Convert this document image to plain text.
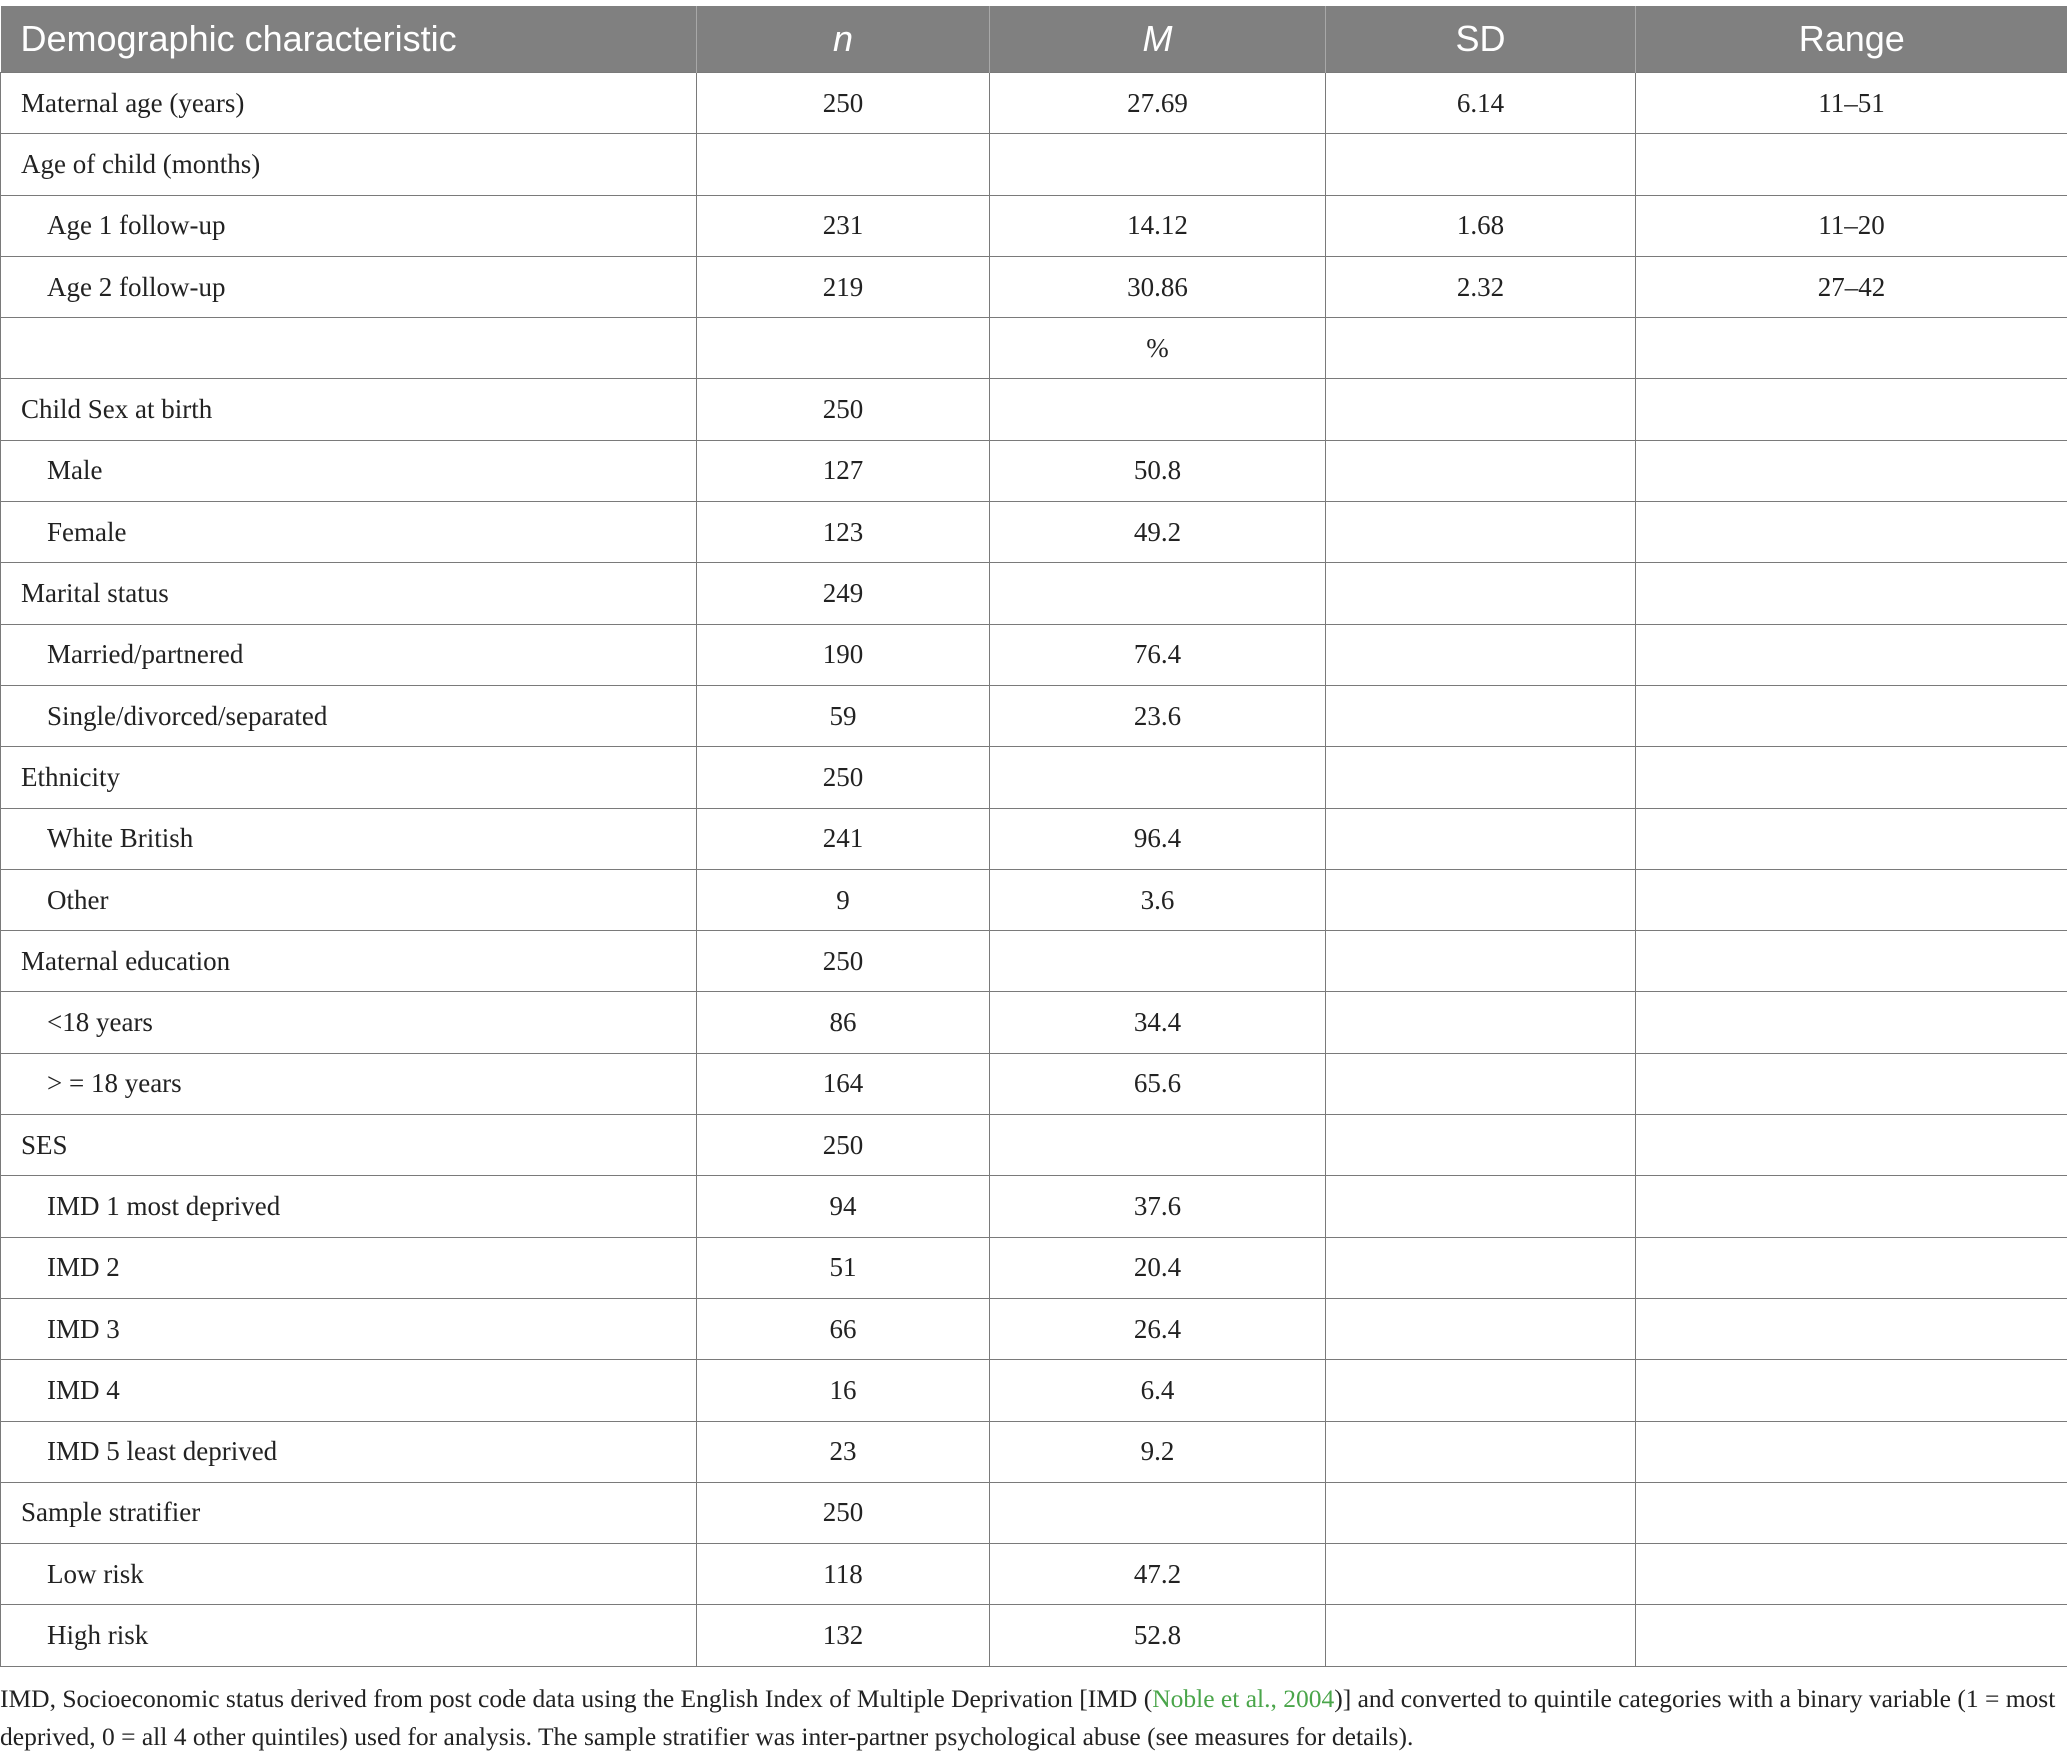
Demographic characteristic	n	M	SD	Range
Maternal age (years)	250	27.69	6.14	11–51
Age of child (months)				
Age 1 follow-up	231	14.12	1.68	11–20
Age 2 follow-up	219	30.86	2.32	27–42
		%		
Child Sex at birth	250			
Male	127	50.8		
Female	123	49.2		
Marital status	249			
Married/partnered	190	76.4		
Single/divorced/separated	59	23.6		
Ethnicity	250			
White British	241	96.4		
Other	9	3.6		
Maternal education	250			
<18 years	86	34.4		
> = 18 years	164	65.6		
SES	250			
IMD 1 most deprived	94	37.6		
IMD 2	51	20.4		
IMD 3	66	26.4		
IMD 4	16	6.4		
IMD 5 least deprived	23	9.2		
Sample stratifier	250			
Low risk	118	47.2		
High risk	132	52.8		
IMD, Socioeconomic status derived from post code data using the English Index of Multiple Deprivation [IMD (Noble et al., 2004)] and converted to quintile categories with a binary variable (1 = most deprived, 0 = all 4 other quintiles) used for analysis. The sample stratifier was inter-partner psychological abuse (see measures for details).
